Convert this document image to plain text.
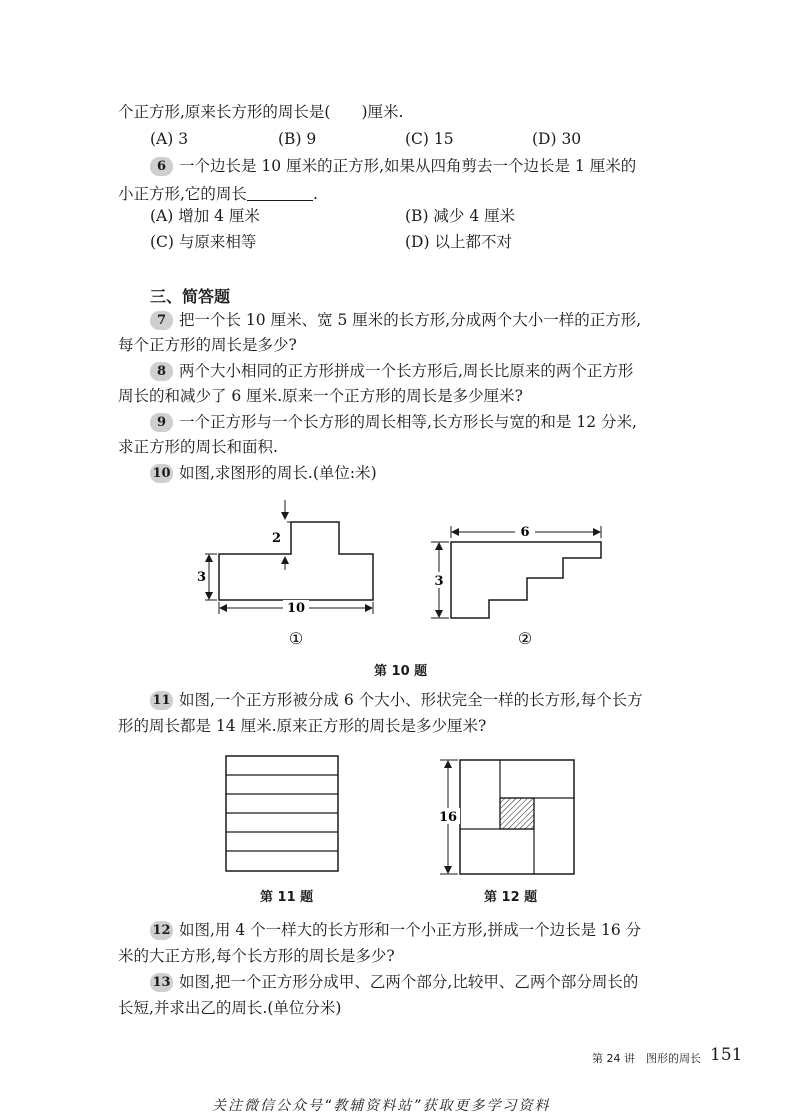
个正方形,原来长方形的周长是(　　)厘米.
(A) 3	(B) 9	(C) 15	(D) 30
6 一个边长是 10 厘米的正方形,如果从四角剪去一个边长是 1 厘米的
小正方形,它的周长	.
(A) 增加 4 厘米	(B) 减少 4 厘米
(C) 与原来相等	(D) 以上都不对
三、简答题
7 把一个长 10 厘米、宽 5 厘米的长方形,分成两个大小一样的正方形,
每个正方形的周长是多少?
8 两个大小相同的正方形拼成一个长方形后,周长比原来的两个正方形
周长的和减少了 6 厘米.原来一个正方形的周长是多少厘米?
9 一个正方形与一个长方形的周长相等,长方形长与宽的和是 12 分米,
求正方形的周长和面积.
10 如图,求图形的周长.(单位:米)
2
3
10
①
6
3
②
第 10 题
11 如图,一个正方形被分成 6 个大小、形状完全一样的长方形,每个长方
形的周长都是 14 厘米.原来正方形的周长是多少厘米?
第 11 题
16
第 12 题
12 如图,用 4 个一样大的长方形和一个小正方形,拼成一个边长是 16 分
米的大正方形,每个长方形的周长是多少?
13 如图,把一个正方形分成甲、乙两个部分,比较甲、乙两个部分周长的
长短,并求出乙的周长.(单位分米)
第 24 讲　图形的周长 151
关注微信公众号“教辅资料站”获取更多学习资料
